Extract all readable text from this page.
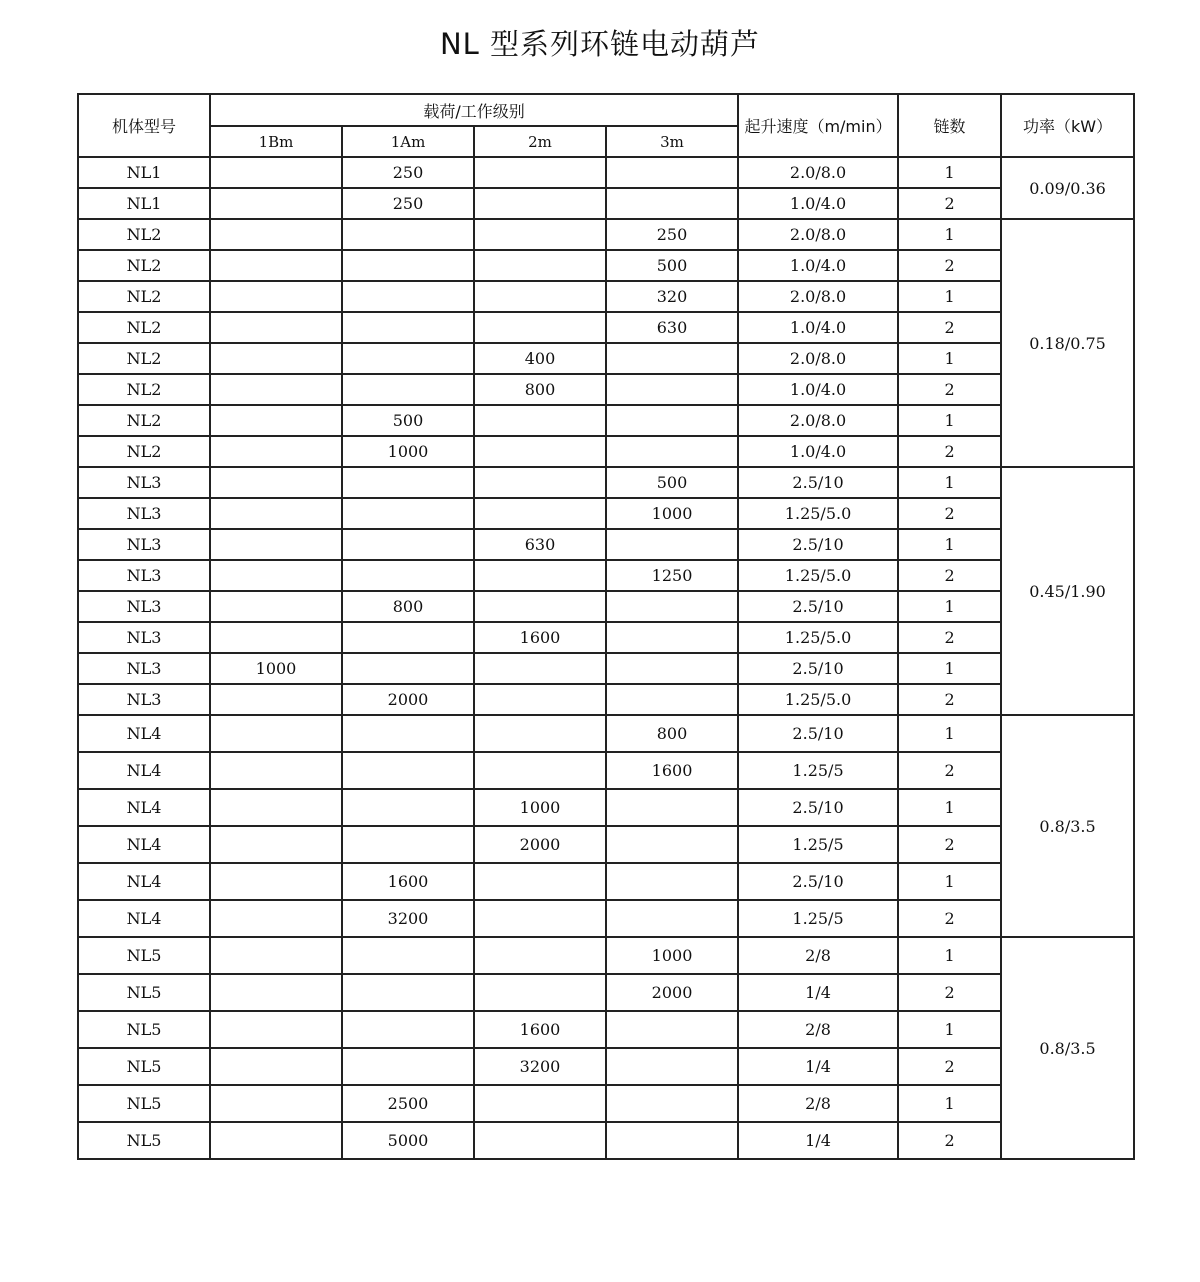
NL 型系列环链电动葫芦
机体型号	载荷/工作级别				起升速度（m/min）	链数	功率（kW）
	1Bm	1Am	2m	3m			
NL1		250			2.0/8.0	1	0.09/0.36
NL1		250			1.0/4.0	2	
NL2				250	2.0/8.0	1	0.18/0.75
NL2				500	1.0/4.0	2	
NL2				320	2.0/8.0	1	
NL2				630	1.0/4.0	2	
NL2			400		2.0/8.0	1	
NL2			800		1.0/4.0	2	
NL2		500			2.0/8.0	1	
NL2		1000			1.0/4.0	2	
NL3				500	2.5/10	1	0.45/1.90
NL3				1000	1.25/5.0	2	
NL3			630		2.5/10	1	
NL3				1250	1.25/5.0	2	
NL3		800			2.5/10	1	
NL3			1600		1.25/5.0	2	
NL3	1000				2.5/10	1	
NL3		2000			1.25/5.0	2	
NL4				800	2.5/10	1	0.8/3.5
NL4				1600	1.25/5	2	
NL4			1000		2.5/10	1	
NL4			2000		1.25/5	2	
NL4		1600			2.5/10	1	
NL4		3200			1.25/5	2	
NL5				1000	2/8	1	0.8/3.5
NL5				2000	1/4	2	
NL5			1600		2/8	1	
NL5			3200		1/4	2	
NL5		2500			2/8	1	
NL5		5000			1/4	2	
